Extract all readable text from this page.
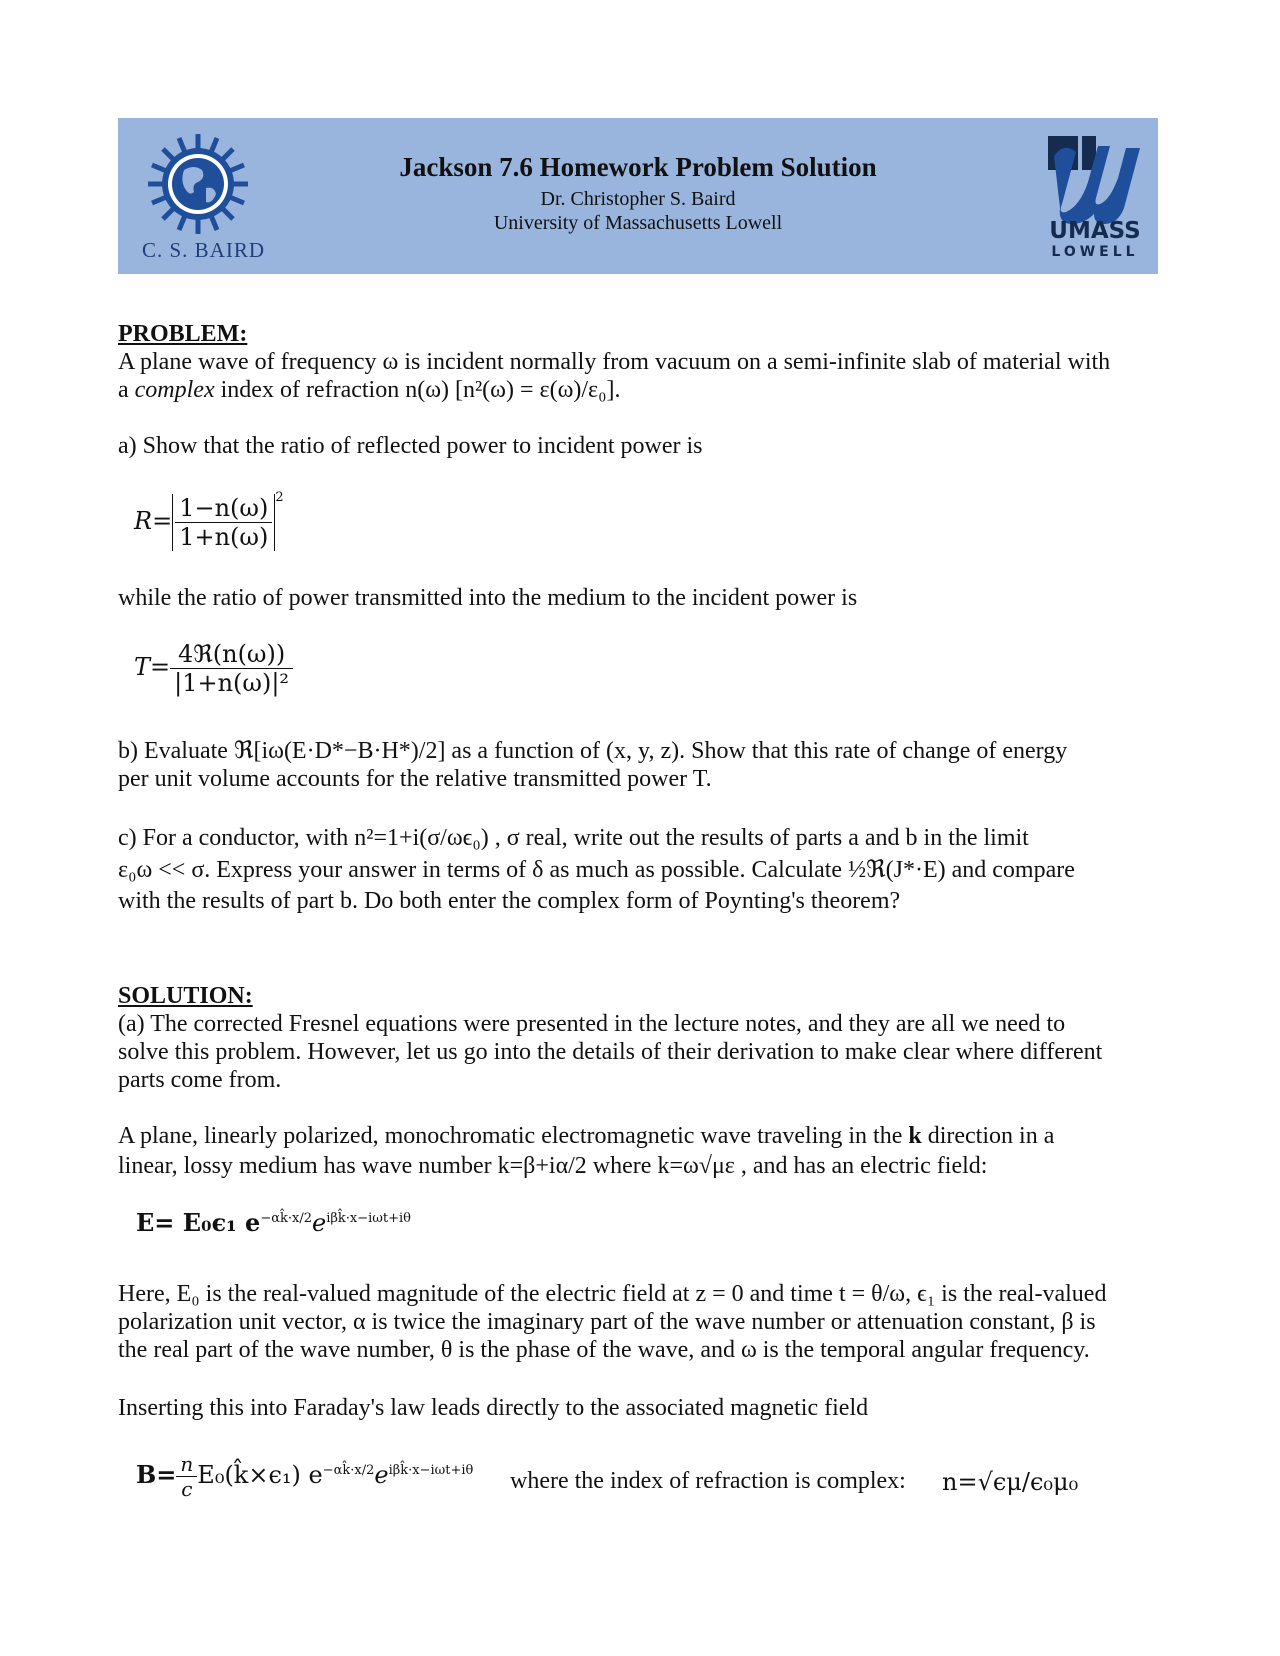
C. S. BAIRD
Jackson 7.6 Homework Problem Solution
Dr. Christopher S. Baird
University of Massachusetts Lowell	UMASS
LOWELL
PROBLEM:
A plane wave of frequency ω is incident normally from vacuum on a semi-infinite slab of material with
a complex index of refraction n(ω) [n²(ω) = ε(ω)/ε₀].
a) Show that the ratio of reflected power to incident power is
$R= \frac{1-n(\omega)}{1+n(\omega)} ^2$
while the ratio of power transmitted into the medium to the incident power is
$T= \frac{\text{4ℜ(n(ω))}}{\text{|1+n(ω)|²}}$
b) Evaluate ℜ[iω(E·D*−B·H*)/2] as a function of (x, y, z). Show that this rate of change of energy
per unit volume accounts for the relative transmitted power T.
c) For a conductor, with n²=1+i(σ/ωϵ₀) , σ real, write out the results of parts a and b in the limit
ε₀ω << σ. Express your answer in terms of δ as much as possible. Calculate ½ℜ(J*·E) and compare
with the results of part b. Do both enter the complex form of Poynting's theorem?
SOLUTION:
(a) The corrected Fresnel equations were presented in the lecture notes, and they are all we need to
solve this problem. However, let us go into the details of their derivation to make clear where different
parts come from.
A plane, linearly polarized, monochromatic electromagnetic wave traveling in the k direction in a
linear, lossy medium has wave number k=β+iα/2 where k=ω√με , and has an electric field:
E= E₀ϵ₁ $e^{-\alpha k̂\cdot x/2}e^{i\beta k̂\cdot x-i\omega t+i\theta}$
Here, E₀ is the real-valued magnitude of the electric field at z = 0 and time t = θ/ω, ϵ₁ is the real-valued
polarization unit vector, α is twice the imaginary part of the wave number or attenuation constant, β is
the real part of the wave number, θ is the phase of the wave, and ω is the temporal angular frequency.
Inserting this into Faraday's law leads directly to the associated magnetic field
$B= \frac{n}{c}$ E₀(k̂×ϵ₁) $e^{-\alpha k̂\cdot x/2}e^{i\beta k̂\cdot x-i\omega t+i\theta}$ where the index of refraction is complex: n=√ϵμ/ϵ₀μ₀
